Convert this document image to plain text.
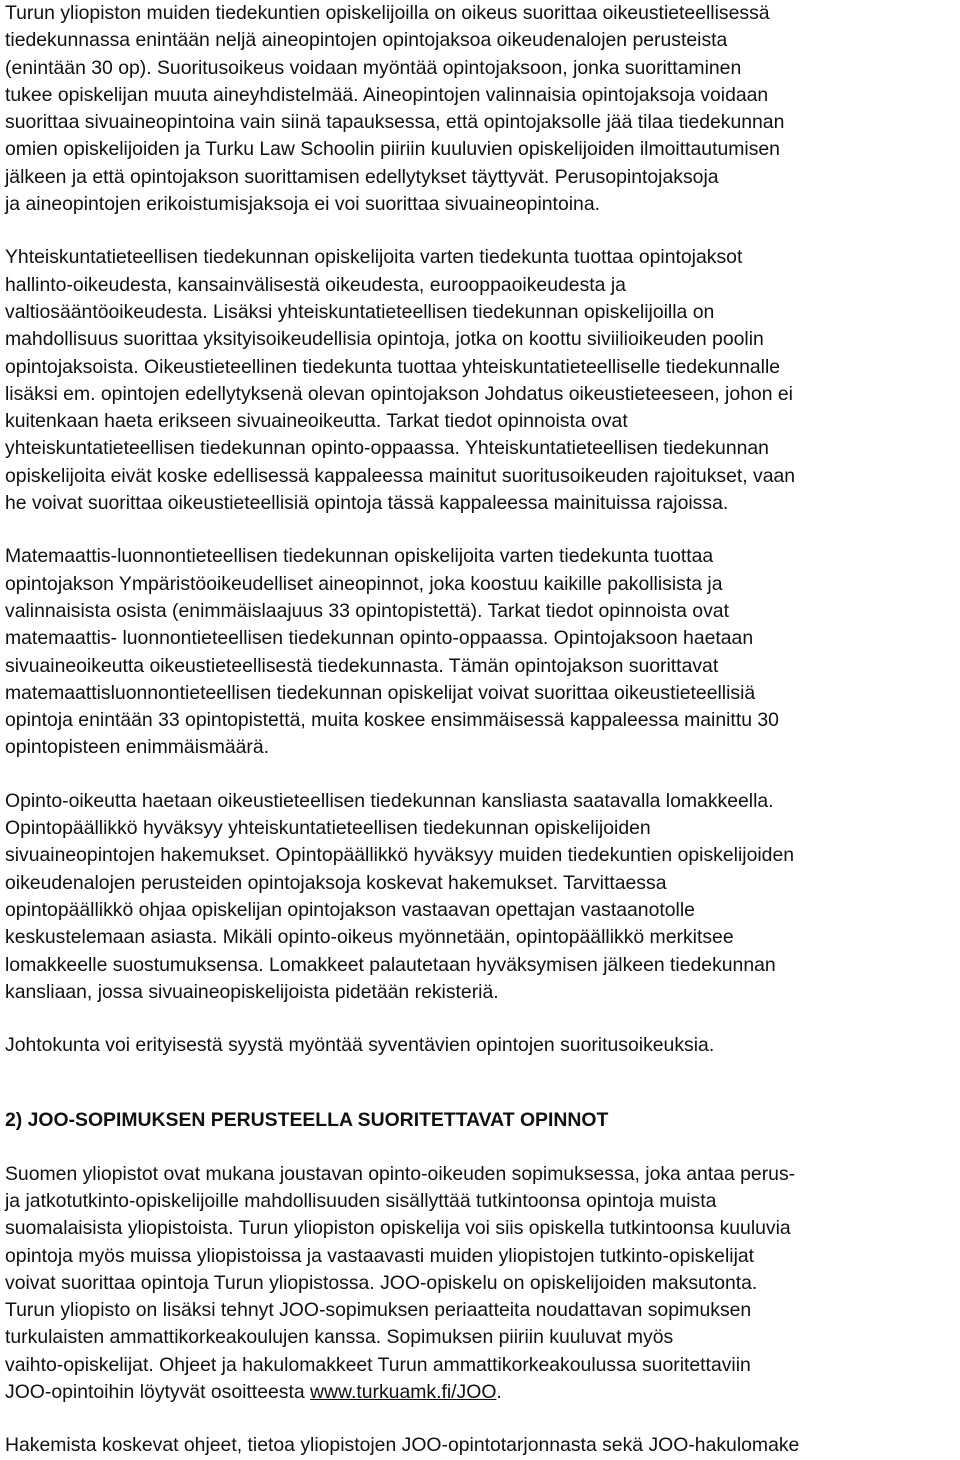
Turun yliopiston muiden tiedekuntien opiskelijoilla on oikeus suorittaa oikeustieteellisessä
tiedekunnassa enintään neljä aineopintojen opintojaksoa oikeudenalojen perusteista
(enintään 30 op). Suoritusoikeus voidaan myöntää opintojaksoon, jonka suorittaminen
tukee opiskelijan muuta aineyhdistelmää. Aineopintojen valinnaisia opintojaksoja voidaan
suorittaa sivuaineopintoina vain siinä tapauksessa, että opintojaksolle jää tilaa tiedekunnan
omien opiskelijoiden ja Turku Law Schoolin piiriin kuuluvien opiskelijoiden ilmoittautumisen
jälkeen ja että opintojakson suorittamisen edellytykset täyttyvät. Perusopintojaksoja
ja aineopintojen erikoistumisjaksoja ei voi suorittaa sivuaineopintoina.
Yhteiskuntatieteellisen tiedekunnan opiskelijoita varten tiedekunta tuottaa opintojaksot
hallinto-oikeudesta, kansainvälisestä oikeudesta, eurooppaoikeudesta ja
valtiosääntöoikeudesta. Lisäksi yhteiskuntatieteellisen tiedekunnan opiskelijoilla on
mahdollisuus suorittaa yksityisoikeudellisia opintoja, jotka on koottu siviilioikeuden poolin
opintojaksoista. Oikeustieteellinen tiedekunta tuottaa yhteiskuntatieteelliselle tiedekunnalle
lisäksi em. opintojen edellytyksenä olevan opintojakson Johdatus oikeustieteeseen, johon ei
kuitenkaan haeta erikseen sivuaineoikeutta. Tarkat tiedot opinnoista ovat
yhteiskuntatieteellisen tiedekunnan opinto-oppaassa. Yhteiskuntatieteellisen tiedekunnan
opiskelijoita eivät koske edellisessä kappaleessa mainitut suoritusoikeuden rajoitukset, vaan
he voivat suorittaa oikeustieteellisiä opintoja tässä kappaleessa mainituissa rajoissa.
Matemaattis-luonnontieteellisen tiedekunnan opiskelijoita varten tiedekunta tuottaa
opintojakson Ympäristöoikeudelliset aineopinnot, joka koostuu kaikille pakollisista ja
valinnaisista osista (enimmäislaajuus 33 opintopistettä). Tarkat tiedot opinnoista ovat
matemaattis- luonnontieteellisen tiedekunnan opinto-oppaassa. Opintojaksoon haetaan
sivuaineoikeutta oikeustieteellisestä tiedekunnasta. Tämän opintojakson suorittavat
matemaattisluonnontieteellisen tiedekunnan opiskelijat voivat suorittaa oikeustieteellisiä
opintoja enintään 33 opintopistettä, muita koskee ensimmäisessä kappaleessa mainittu 30
opintopisteen enimmäismäärä.
Opinto-oikeutta haetaan oikeustieteellisen tiedekunnan kansliasta saatavalla lomakkeella.
Opintopäällikkö hyväksyy yhteiskuntatieteellisen tiedekunnan opiskelijoiden
sivuaineopintojen hakemukset. Opintopäällikkö hyväksyy muiden tiedekuntien opiskelijoiden
oikeudenalojen perusteiden opintojaksoja koskevat hakemukset. Tarvittaessa
opintopäällikkö ohjaa opiskelijan opintojakson vastaavan opettajan vastaanotolle
keskustelemaan asiasta. Mikäli opinto-oikeus myönnetään, opintopäällikkö merkitsee
lomakkeelle suostumuksensa. Lomakkeet palautetaan hyväksymisen jälkeen tiedekunnan
kansliaan, jossa sivuaineopiskelijoista pidetään rekisteriä.
Johtokunta voi erityisestä syystä myöntää syventävien opintojen suoritusoikeuksia.
2) JOO-SOPIMUKSEN PERUSTEELLA SUORITETTAVAT OPINNOT
Suomen yliopistot ovat mukana joustavan opinto-oikeuden sopimuksessa, joka antaa perus-
ja jatkotutkinto-opiskelijoille mahdollisuuden sisällyttää tutkintoonsa opintoja muista
suomalaisista yliopistoista. Turun yliopiston opiskelija voi siis opiskella tutkintoonsa kuuluvia
opintoja myös muissa yliopistoissa ja vastaavasti muiden yliopistojen tutkinto-opiskelijat
voivat suorittaa opintoja Turun yliopistossa. JOO-opiskelu on opiskelijoiden maksutonta.
Turun yliopisto on lisäksi tehnyt JOO-sopimuksen periaatteita noudattavan sopimuksen
turkulaisten ammattikorkeakoulujen kanssa. Sopimuksen piiriin kuuluvat myös
vaihto-opiskelijat. Ohjeet ja hakulomakkeet Turun ammattikorkeakoulussa suoritettaviin
JOO-opintoihin löytyvät osoitteesta www.turkuamk.fi/JOO.
Hakemista koskevat ohjeet, tietoa yliopistojen JOO-opintotarjonnasta sekä JOO-hakulomake
